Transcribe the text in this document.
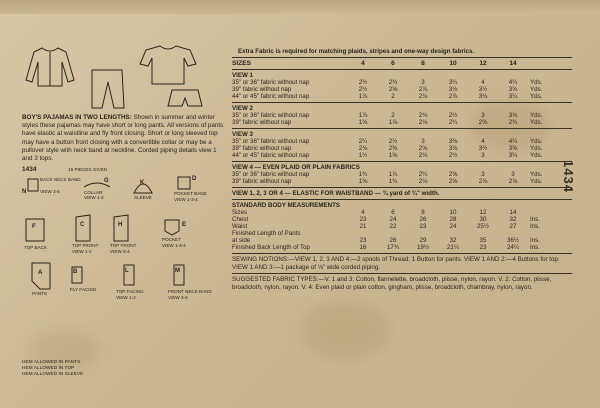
BOY'S PAJAMAS IN TWO LENGTHS: Shown in summer and winter styles these pajamas may have short or long pants. All versions of pants have elastic at waistline and fly front closing. Short or long sleeved top may have a button front closing with a convertible collar or may be a pullover style with neck band at neckline. Corded piping details view 1 and 3 tops.
1434	15 PIECES GIVEN
N
BACK NECK BAND
VIEW 3-4
G
COLLAR
VIEW 1-2
K
SLEEVE
D
POCKET BAND
VIEW 1-3-4
F
TOP BACK
C
TOP FRONT
VIEW 1-2
H
TOP FRONT
VIEW 3-4
E
POCKET
VIEW 1-3-4
A
PANTS
B
FLY FACING
L
TOP FACING
VIEW 1-2
M
FRONT NECK BAND
VIEW 3-4
HEM ALLOWED IN PANTS
HEM ALLOWED IN TOP
HEM ALLOWED IN SLEEVE
Extra Fabric is required for matching plaids, stripes and one-way design fabrics.
SIZES	4	6	8	10	12	14
VIEW 1
35" or 36" fabric without nap	2½	2¾	3	3¼	4	4¼	Yds.
39" fabric without nap	2½	2⅝	2⅞	3⅛	3½	3⅝	Yds.
44" or 45" fabric without nap	1⅞	2	2⅛	2⅞	3⅛	3¼	Yds.
VIEW 2
35" or 36" fabric without nap	1⅞	2	2⅛	2½	3	3⅛	Yds.
39" fabric without nap	1⅝	1⅞	2⅛	2¼	2⅝	2¾	Yds.
VIEW 3
35" or 36" fabric without nap	2¼	2½	3	3⅜	4	4¼	Yds.
39" fabric without nap	2⅛	2⅜	2⅝	3⅛	3½	3⅝	Yds.
44" or 45" fabric without nap	1½	1⅝	2⅛	2½	3	3¼	Yds.
VIEW 4 — EVEN PLAID OR PLAIN FABRICS
35" or 36" fabric without nap	1¾	1⅞	2¼	2⅝	3	3	Yds.
39" fabric without nap	1⅝	1¾	2⅛	2⅝	2⅞	2⅞	Yds.
VIEW 1, 2, 3 OR 4 — ELASTIC FOR WAISTBAND — ¾ yard of ¾" width.
STANDARD BODY MEASUREMENTS
Sizes	4	6	8	10	12	14
Chest	23	24	26	28	30	32	Ins.
Waist	21	22	23	24	25½	27	Ins.
Finished Length of Pants
at side	23	26	29	32	35	36½	Ins.
Finished Back Length of Top	16	17¾	19½	21¼	23	24¼	Ins.
SEWING NOTIONS:—VIEW 1, 2, 3 AND 4:—2 spools of Thread; 1 Button for pants. VIEW 1 AND 2:—4 Buttons for top. VIEW 1 AND 3:—1 package of ⅛" wide corded piping.
SUGGESTED FABRIC TYPES:—V. 1 and 3: Cotton, flannelette, broadcloth, plisse, nylon, rayon. V. 2: Cotton, plisse, broadcloth, nylon, rayon. V. 4: Even plaid or plain cotton, gingham, plisse, broadcloth, chambray, nylon, rayon.
1434
